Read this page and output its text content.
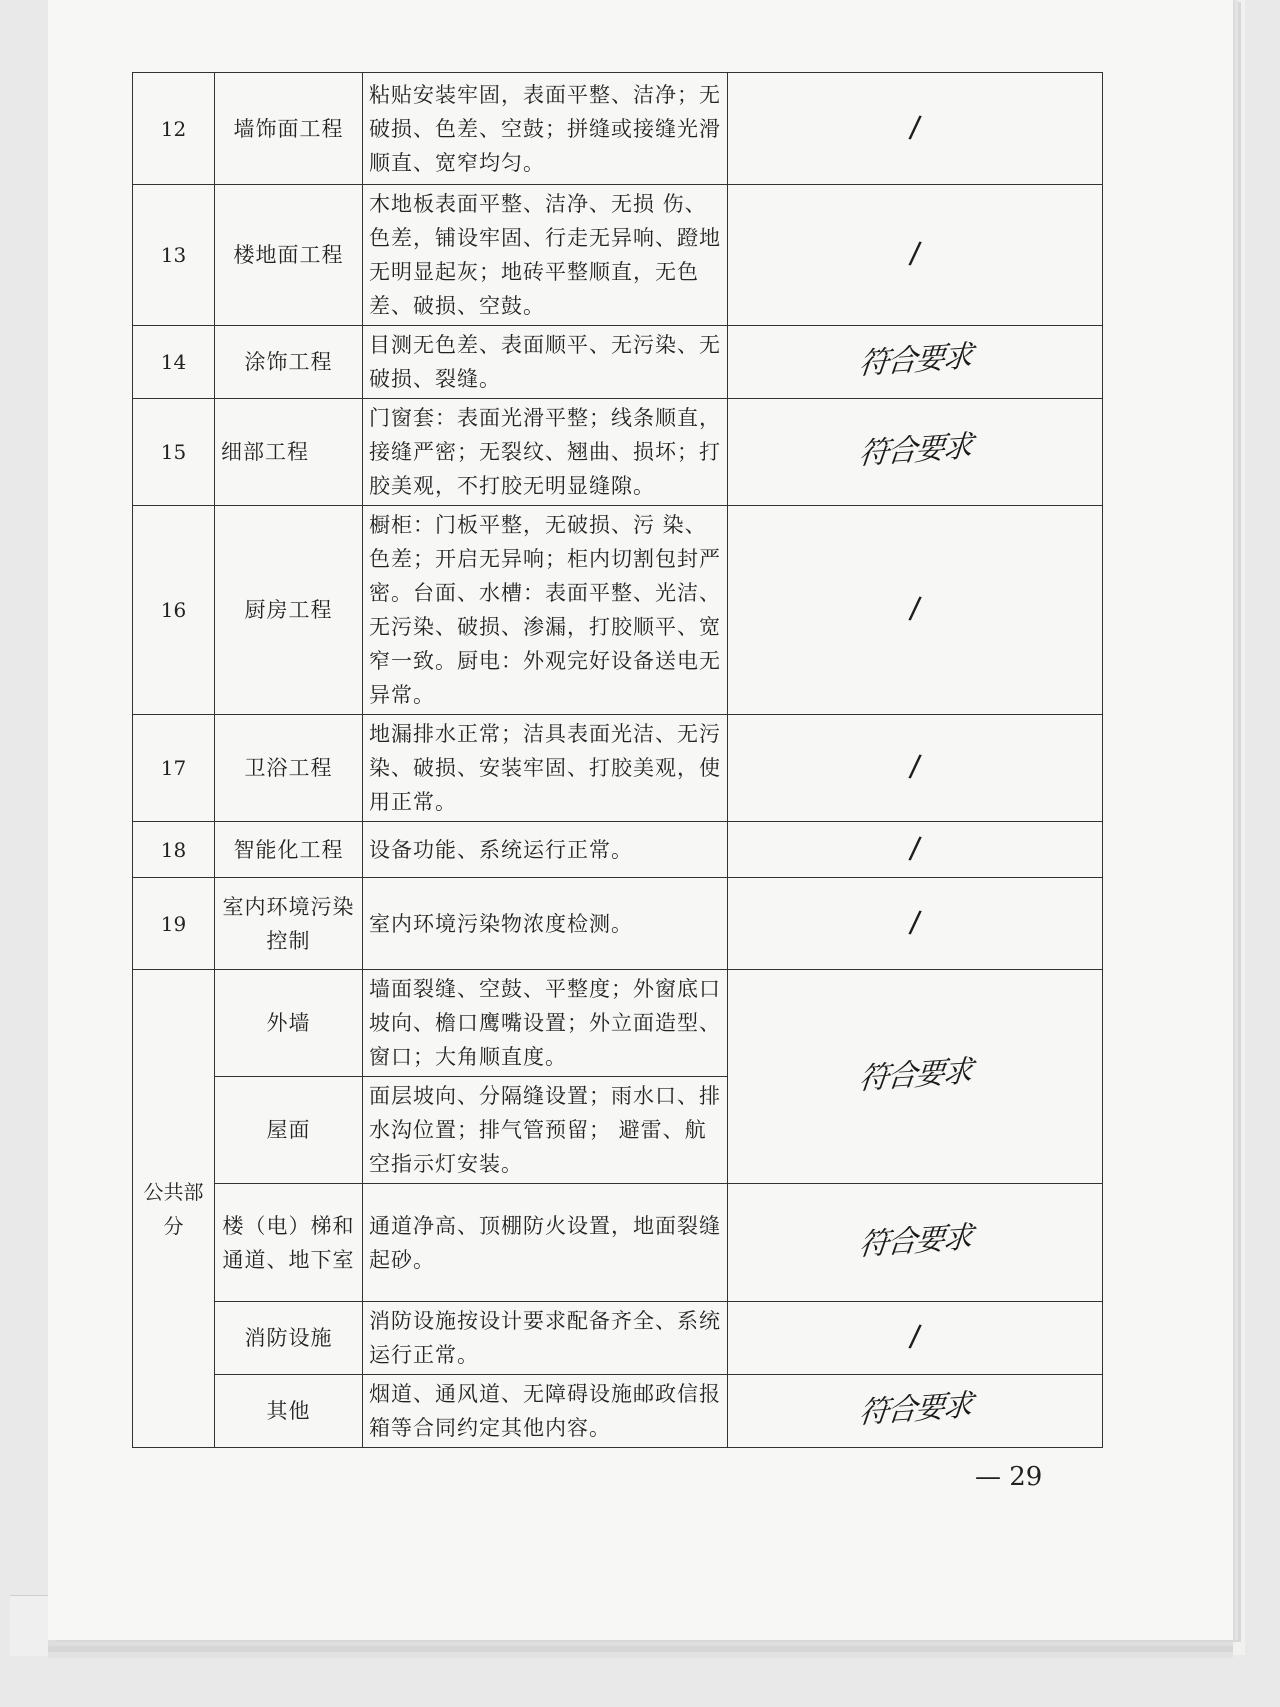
12	墙饰面工程	粘贴安装牢固，表面平整、洁净；无破损、色差、空鼓；拼缝或接缝光滑顺直、宽窄均匀。	/
13	楼地面工程	木地板表面平整、洁净、无损 伤、色差，铺设牢固、行走无异响、蹬地无明显起灰；地砖平整顺直，无色差、破损、空鼓。	/
14	涂饰工程	目测无色差、表面顺平、无污染、无破损、裂缝。	符合要求
15	细部工程	门窗套：表面光滑平整；线条顺直，接缝严密；无裂纹、翘曲、损坏；打胶美观，不打胶无明显缝隙。	符合要求
16	厨房工程	橱柜：门板平整，无破损、污 染、色差；开启无异响；柜内切割包封严密。台面、水槽：表面平整、光洁、无污染、破损、渗漏，打胶顺平、宽窄一致。厨电：外观完好设备送电无异常。	/
17	卫浴工程	地漏排水正常；洁具表面光洁、无污染、破损、安装牢固、打胶美观，使用正常。	/
18	智能化工程	设备功能、系统运行正常。	/
19	室内环境污染控制	室内环境污染物浓度检测。	/
公共部分	外墙	墙面裂缝、空鼓、平整度；外窗底口坡向、檐口鹰嘴设置；外立面造型、窗口；大角顺直度。	符合要求
	屋面	面层坡向、分隔缝设置；雨水口、排水沟位置；排气管预留； 避雷、航空指示灯安装。	
	楼（电）梯和通道、地下室	通道净高、顶棚防火设置，地面裂缝起砂。	符合要求
	消防设施	消防设施按设计要求配备齐全、系统运行正常。	/
	其他	烟道、通风道、无障碍设施邮政信报箱等合同约定其他内容。	符合要求
— 29
